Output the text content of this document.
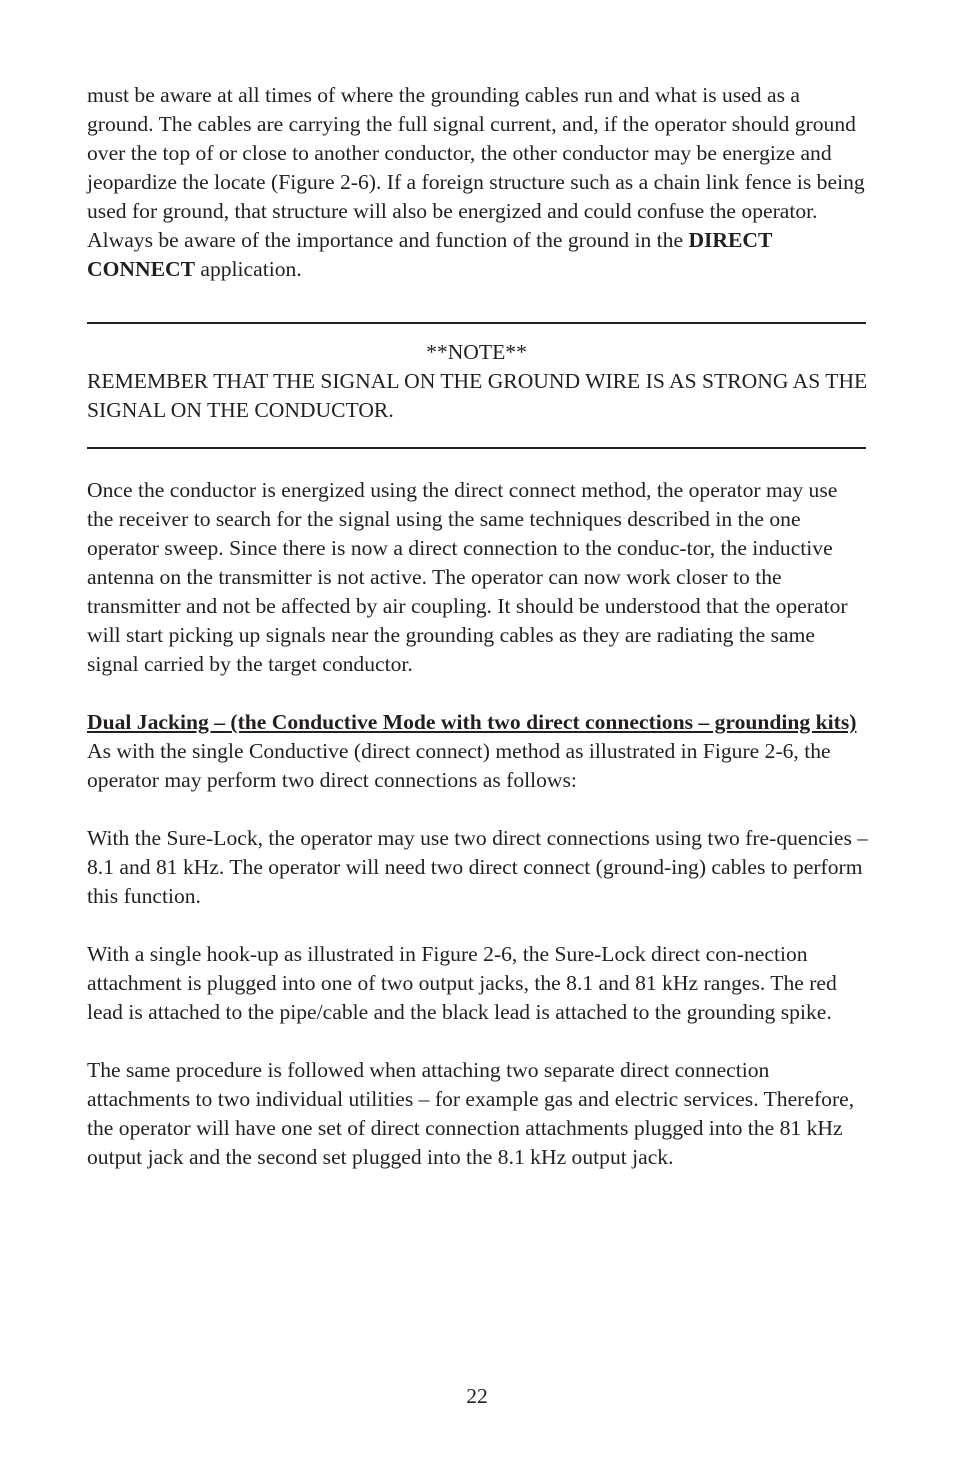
must be aware at all times of where the grounding cables run and what is used as a ground. The cables are carrying the full signal current, and, if the operator should ground over the top of or close to another conductor, the other conductor may be energize and jeopardize the locate (Figure 2-6). If a foreign structure such as a chain link fence is being used for ground, that structure will also be energized and could confuse the operator. Always be aware of the importance and function of the ground in the DIRECT CONNECT application.

**NOTE**

REMEMBER THAT THE SIGNAL ON THE GROUND WIRE IS AS STRONG AS THE SIGNAL ON THE CONDUCTOR.

Once the conductor is energized using the direct connect method, the operator may use the receiver to search for the signal using the same techniques described in the one operator sweep. Since there is now a direct connection to the conduc-tor, the inductive antenna on the transmitter is not active. The operator can now work closer to the transmitter and not be affected by air coupling. It should be understood that the operator will start picking up signals near the grounding cables as they are radiating the same signal carried by the target conductor.

Dual Jacking – (the Conductive Mode with two direct connections – grounding kits)

As with the single Conductive (direct connect) method as illustrated in Figure 2-6, the operator may perform two direct connections as follows:

With the Sure-Lock, the operator may use two direct connections using two fre-quencies – 8.1 and 81 kHz. The operator will need two direct connect (ground-ing) cables to perform this function.

With a single hook-up as illustrated in Figure 2-6, the Sure-Lock direct con-nection attachment is plugged into one of two output jacks, the 8.1 and 81 kHz ranges. The red lead is attached to the pipe/cable and the black lead is attached to the grounding spike.

The same procedure is followed when attaching two separate direct connection attachments to two individual utilities – for example gas and electric services. Therefore, the operator will have one set of direct connection attachments plugged into the 81 kHz output jack and the second set plugged into the 8.1 kHz output jack.

22
